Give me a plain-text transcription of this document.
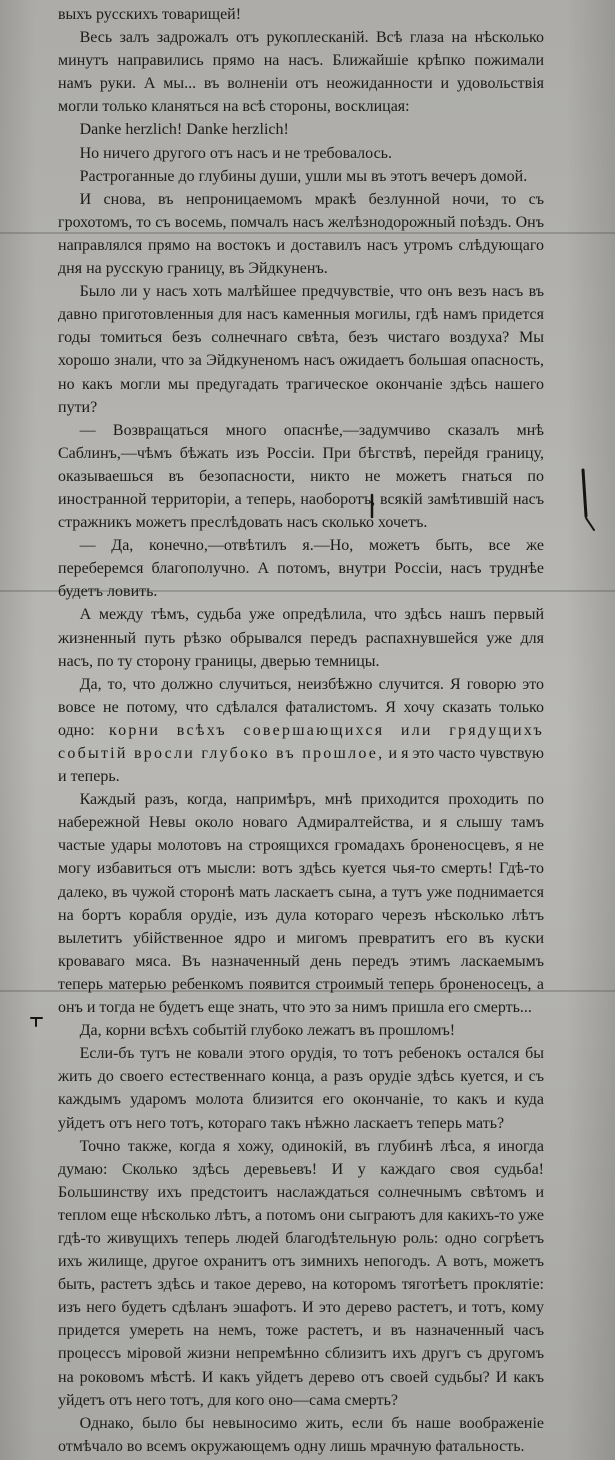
выхъ русскихъ товарищей!

Весь залъ задрожалъ отъ рукоплесканій. Всѣ глаза на нѣсколько минутъ направились прямо на насъ. Ближайшіе крѣпко пожимали намъ руки. А мы... въ волненіи отъ неожиданности и удовольствія могли только кланяться на всѣ стороны, восклицая:

Danke herzlich! Danke herzlich!

Но ничего другого отъ насъ и не требовалось.

Растроганные до глубины души, ушли мы въ этотъ вечеръ домой.

И снова, въ непроницаемомъ мракѣ безлунной ночи, то съ грохотомъ, то съ восемь, помчалъ насъ желѣзнодорожный поѣздъ. Онъ направлялся прямо на востокъ и доставилъ насъ утромъ слѣдующаго дня на русскую границу, въ Эйдкуненъ.

Было ли у насъ хоть малѣйшее предчувствіе, что онъ везъ насъ въ давно приготовленныя для насъ каменныя могилы, гдѣ намъ придется годы томиться безъ солнечнаго свѣта, безъ чистаго воздуха? Мы хорошо знали, что за Эйдкуненомъ насъ ожидаетъ большая опасность, но какъ могли мы предугадать трагическое окончаніе здѣсь нашего пути?

— Возвращаться много опаснѣе,—задумчиво сказалъ мнѣ Саблинъ,—чѣмъ бѣжать изъ Россіи. При бѣгствѣ, перейдя границу, оказываешься въ безопасности, никто не можетъ гнаться по иностранной территоріи, а теперь, наоборотъ, всякій замѣтившій насъ стражникъ можетъ преслѣдовать насъ сколько хочетъ.

— Да, конечно,—отвѣтилъ я.—Но, можетъ быть, все же переберемся благополучно. А потомъ, внутри Россіи, насъ труднѣе будетъ ловить.

А между тѣмъ, судьба уже опредѣлила, что здѣсь нашъ первый жизненный путь рѣзко обрывался передъ распахнувшейся уже для насъ, по ту сторону границы, дверью темницы.

Да, то, что должно случиться, неизбѣжно случится. Я говорю это вовсе не потому, что сдѣлался фаталистомъ. Я хочу сказать только одно: корни всѣхъ совершающихся или грядущихъ событій вросли глубоко въ прошлое, и я это часто чувствую и теперь.

Каждый разъ, когда, напримѣръ, мнѣ приходится проходить по набережной Невы около новаго Адмиралтейства, и я слышу тамъ частые удары молотовъ на строящихся громадахъ броненосцевъ, я не могу избавиться отъ мысли: вотъ здѣсь куется чья-то смерть! Гдѣ-то далеко, въ чужой сторонѣ мать ласкаетъ сына, а тутъ уже поднимается на бортъ корабля орудіе, изъ дула котораго черезъ нѣсколько лѣтъ вылетитъ убійственное ядро и мигомъ превратитъ его въ куски кроваваго мяса. Въ назначенный день передъ этимъ ласкаемымъ теперь матерью ребенкомъ появится строимый теперь броненосецъ, а онъ и тогда не будетъ еще знать, что это за нимъ пришла его смерть...

Да, корни всѣхъ событій глубоко лежатъ въ прошломъ!

Если-бъ тутъ не ковали этого орудія, то тотъ ребенокъ остался бы жить до своего естественнаго конца, а разъ орудіе здѣсь куется, и съ каждымъ ударомъ молота близится его окончаніе, то какъ и куда уйдетъ отъ него тотъ, котораго такъ нѣжно ласкаетъ теперь мать?

Точно также, когда я хожу, одинокій, въ глубинѣ лѣса, я иногда думаю: Сколько здѣсь деревьевъ! И у каждаго своя судьба! Большинству ихъ предстоитъ наслаждаться солнечнымъ свѣтомъ и теплом еще нѣсколько лѣтъ, а потомъ они сыграютъ для какихъ-то уже гдѣ-то живущихъ теперь людей благодѣтельную роль: одно согрѣетъ ихъ жилище, другое охранитъ отъ зимнихъ непогодъ. А вотъ, можетъ быть, растетъ здѣсь и такое дерево, на которомъ тяготѣетъ проклятіе: изъ него будетъ сдѣланъ эшафотъ. И это дерево растетъ, и тотъ, кому придется умереть на немъ, тоже растетъ, и въ назначенный часъ процессъ міровой жизни непремѣнно сблизитъ ихъ другъ съ другомъ на роковомъ мѣстѣ. И какъ уйдетъ дерево отъ своей судьбы? И какъ уйдетъ отъ него тотъ, для кого оно—сама смерть?

Однако, было бы невыносимо жить, если бъ наше воображеніе отмѣчало во всемъ окружающемъ одну лишь мрачную фатальность.
